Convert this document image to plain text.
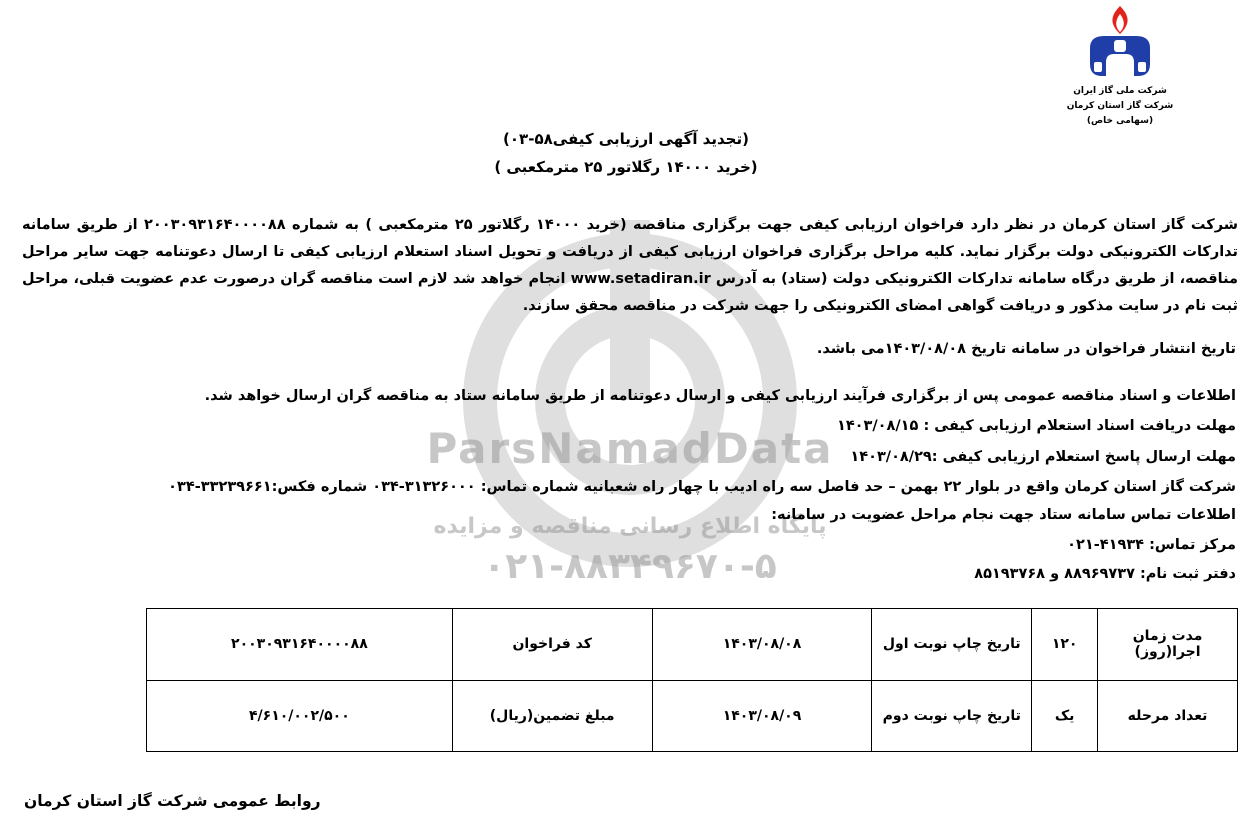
ParsNamadData
پایگاه اطلاع رسانی مناقصه و مزایده
۰۲۱-۸۸۳۴۹۶۷۰-۵
شرکت ملی گاز ایران
شرکت گاز استان کرمان
(سهامی خاص)
(تجدید آگهی ارزیابی کیفی۵۸-۰۳)
(خرید ۱۴۰۰۰ رگلاتور ۲۵ مترمکعبی )
شرکت گاز استان کرمان در نظر دارد فراخوان ارزیابی کیفی جهت برگزاری مناقصه (خرید ۱۴۰۰۰ رگلاتور ۲۵ مترمکعبی ) به شماره ۲۰۰۳۰۹۳۱۶۴۰۰۰۰۸۸ از طریق سامانه تدارکات الکترونیکی دولت برگزار نماید. کلیه مراحل برگزاری فراخوان ارزیابی کیفی از دریافت و تحویل اسناد استعلام ارزیابی کیفی تا ارسال دعوتنامه جهت سایر مراحل مناقصه، از طریق درگاه سامانه تدارکات الکترونیکی دولت (ستاد) به آدرس www.setadiran.ir انجام خواهد شد لازم است مناقصه گران درصورت عدم عضویت قبلی، مراحل ثبت نام در سایت مذکور و دریافت گواهی امضای الکترونیکی را جهت شرکت در مناقصه محقق سازند.
تاریخ انتشار فراخوان در سامانه تاریخ ۱۴۰۳/۰۸/۰۸می باشد.
اطلاعات و اسناد مناقصه عمومی پس از برگزاری فرآیند ارزیابی کیفی و ارسال دعوتنامه از طریق سامانه ستاد به مناقصه گران ارسال خواهد شد.
مهلت دریافت اسناد استعلام ارزیابی کیفی : ۱۴۰۳/۰۸/۱۵
مهلت ارسال پاسخ استعلام ارزیابی کیفی :۱۴۰۳/۰۸/۲۹
شرکت گاز استان کرمان واقع در بلوار ۲۲ بهمن – حد فاصل سه راه ادیب با چهار راه شعبانیه شماره تماس: ۳۱۳۲۶۰۰۰-۰۳۴ شماره فکس:۳۳۲۳۹۶۶۱-۰۳۴
اطلاعات تماس سامانه ستاد جهت نجام مراحل عضویت در سامانه:
مرکز تماس: ۴۱۹۳۴-۰۲۱
دفتر ثبت نام: ۸۸۹۶۹۷۳۷ و ۸۵۱۹۳۷۶۸
مدت زمان اجرا(روز)	۱۲۰	تاریخ چاپ نوبت اول	۱۴۰۳/۰۸/۰۸	کد فراخوان	۲۰۰۳۰۹۳۱۶۴۰۰۰۰۸۸
تعداد مرحله	یک	تاریخ چاپ نوبت دوم	۱۴۰۳/۰۸/۰۹	مبلغ تضمین(ریال)	۴/۶۱۰/۰۰۲/۵۰۰
روابط عمومی شرکت گاز استان کرمان
